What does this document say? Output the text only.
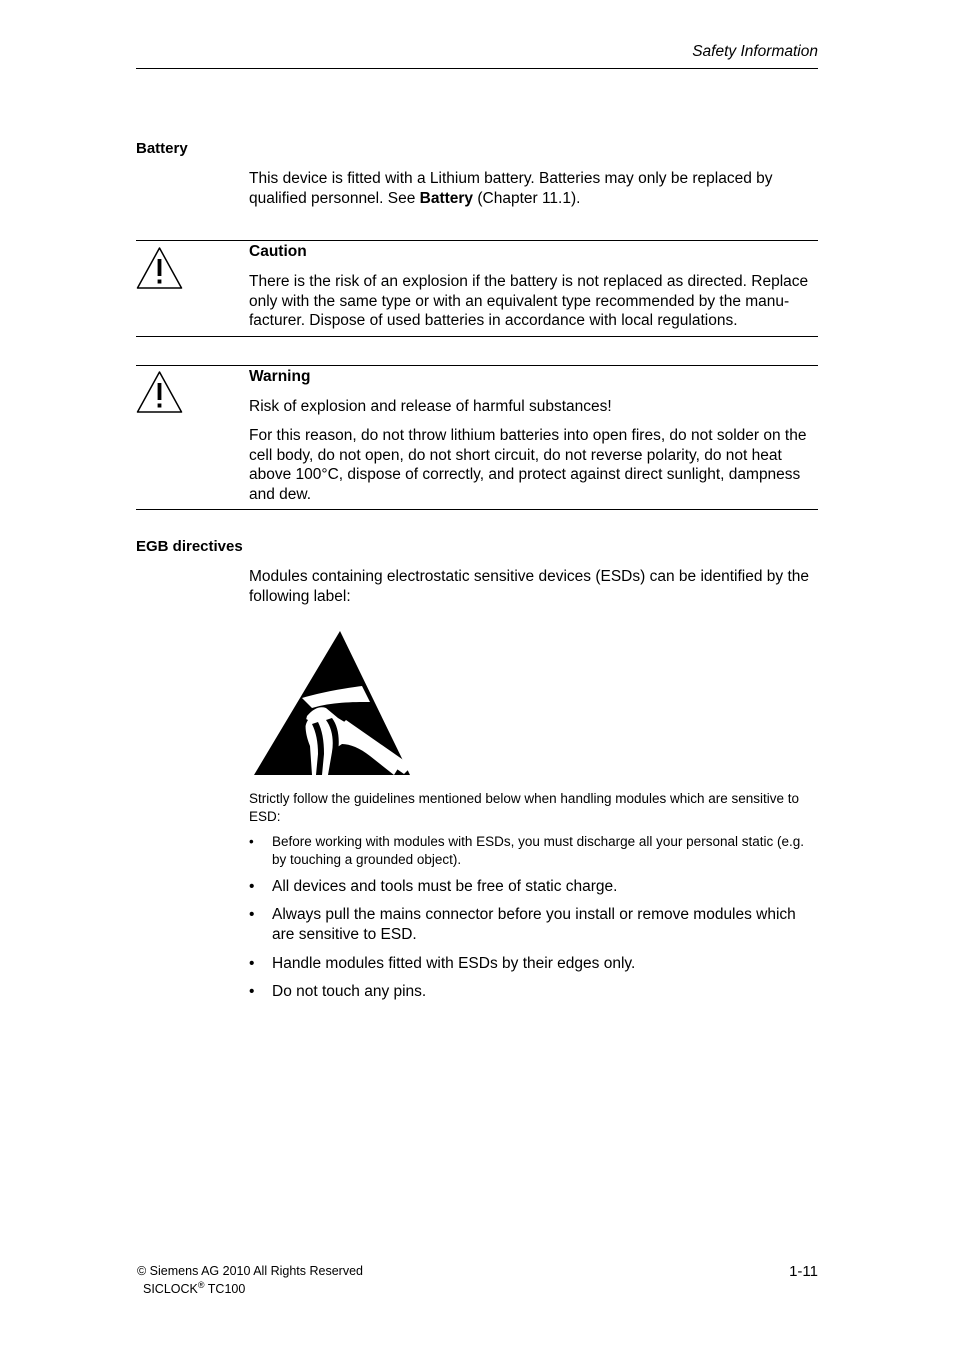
Safety Information
Battery
This device is fitted with a Lithium battery. Batteries may only be replaced by qualified personnel. See Battery (Chapter 11.1).
Caution
There is the risk of an explosion if the battery is not replaced as directed. Replace only with the same type or with an equivalent type recommended by the manu-facturer. Dispose of used batteries in accordance with local regulations.
Warning
Risk of explosion and release of harmful substances!
For this reason, do not throw lithium batteries into open fires, do not solder on the cell body, do not open, do not short circuit, do not reverse polarity, do not heat above 100°C, dispose of correctly, and protect against direct sunlight, dampness and dew.
EGB directives
Modules containing electrostatic sensitive devices (ESDs) can be identified by the following label:
Strictly follow the guidelines mentioned below when handling modules which are sensitive to ESD:
• Before working with modules with ESDs, you must discharge all your personal static (e.g. by touching a grounded object).
• All devices and tools must be free of static charge.
• Always pull the mains connector before you install or remove modules which are sensitive to ESD.
• Handle modules fitted with ESDs by their edges only.
• Do not touch any pins.
© Siemens AG 2010 All Rights Reserved
SICLOCK® TC100
1-11
